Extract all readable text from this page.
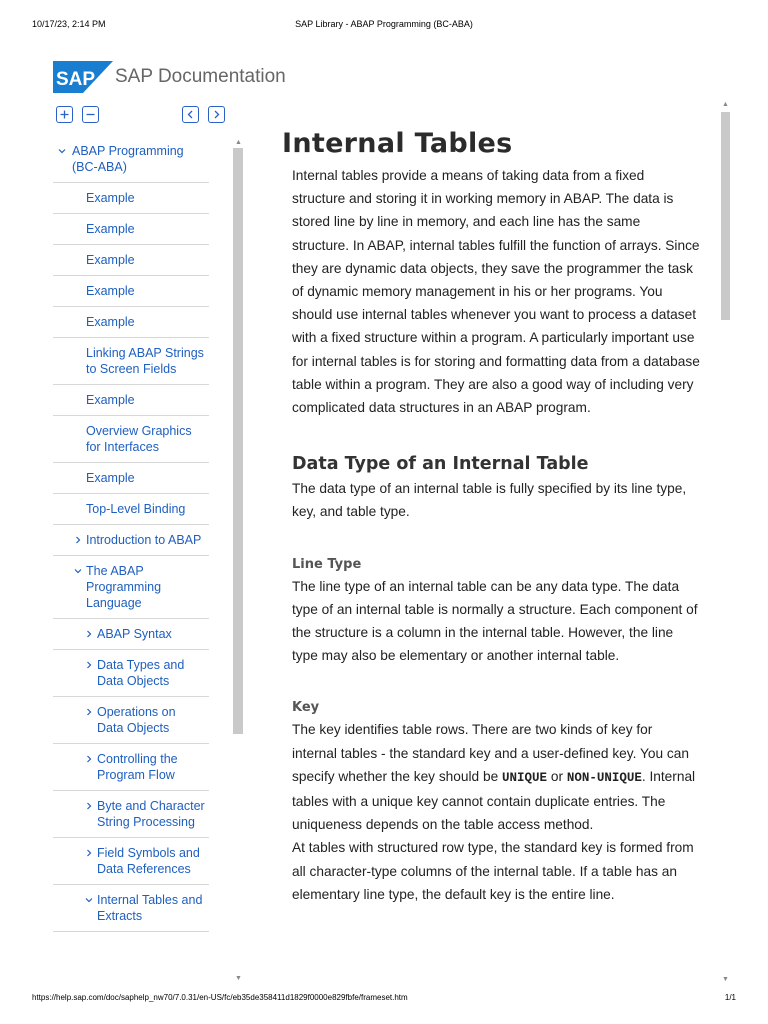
10/17/23, 2:14 PM	SAP Library - ABAP Programming (BC-ABA)
SAP SAP Documentation
ABAP Programming (BC-ABA)
Example
Example
Example
Example
Example
Linking ABAP Strings to Screen Fields
Example
Overview Graphics for Interfaces
Example
Top-Level Binding
Introduction to ABAP
The ABAP Programming Language
ABAP Syntax
Data Types and Data Objects
Operations on Data Objects
Controlling the Program Flow
Byte and Character String Processing
Field Symbols and Data References
Internal Tables and Extracts
▲
▼
Internal Tables

Internal tables provide a means of taking data from a fixed structure and storing it in working memory in ABAP. The data is stored line by line in memory, and each line has the same structure. In ABAP, internal tables fulfill the function of arrays. Since they are dynamic data objects, they save the programmer the task of dynamic memory management in his or her programs. You should use internal tables whenever you want to process a dataset with a fixed structure within a program. A particularly important use for internal tables is for storing and formatting data from a database table within a program. They are also a good way of including very complicated data structures in an ABAP program.

Data Type of an Internal Table

The data type of an internal table is fully specified by its line type, key, and table type.

Line Type

The line type of an internal table can be any data type. The data type of an internal table is normally a structure. Each component of the structure is a column in the internal table. However, the line type may also be elementary or another internal table.

Key

The key identifies table rows. There are two kinds of key for internal tables - the standard key and a user-defined key. You can specify whether the key should be UNIQUE or NON-UNIQUE. Internal tables with a unique key cannot contain duplicate entries. The uniqueness depends on the table access method.

At tables with structured row type, the standard key is formed from all character-type columns of the internal table. If a table has an elementary line type, the default key is the entire line.

▲
▼
https://help.sap.com/doc/saphelp_nw70/7.0.31/en-US/fc/eb35de358411d1829f0000e829fbfe/frameset.htm	1/1
